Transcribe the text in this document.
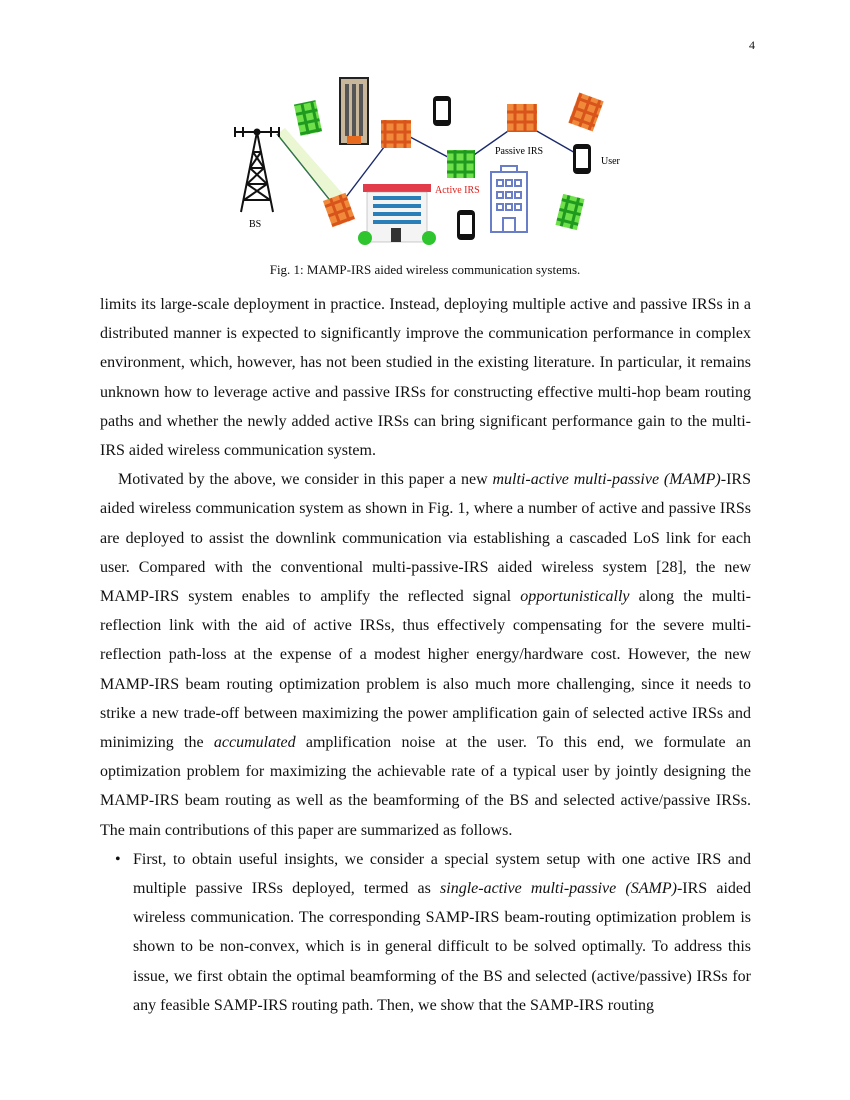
4
BS
Active IRS
Passive IRS
User
Fig. 1: MAMP-IRS aided wireless communication systems.

limits its large-scale deployment in practice. Instead, deploying multiple active and passive IRSs in a distributed manner is expected to significantly improve the communication performance in complex environment, which, however, has not been studied in the existing literature. In particular, it remains unknown how to leverage active and passive IRSs for constructing effective multi-hop beam routing paths and whether the newly added active IRSs can bring significant performance gain to the multi-IRS aided wireless communication system.

Motivated by the above, we consider in this paper a new multi-active multi-passive (MAMP)-IRS aided wireless communication system as shown in Fig. 1, where a number of active and passive IRSs are deployed to assist the downlink communication via establishing a cascaded LoS link for each user. Compared with the conventional multi-passive-IRS aided wireless system [28], the new MAMP-IRS system enables to amplify the reflected signal opportunistically along the multi-reflection link with the aid of active IRSs, thus effectively compensating for the severe multi-reflection path-loss at the expense of a modest higher energy/hardware cost. However, the new MAMP-IRS beam routing optimization problem is also much more challenging, since it needs to strike a new trade-off between maximizing the power amplification gain of selected active IRSs and minimizing the accumulated amplification noise at the user. To this end, we formulate an optimization problem for maximizing the achievable rate of a typical user by jointly designing the MAMP-IRS beam routing as well as the beamforming of the BS and selected active/passive IRSs. The main contributions of this paper are summarized as follows.

• First, to obtain useful insights, we consider a special system setup with one active IRS and multiple passive IRSs deployed, termed as single-active multi-passive (SAMP)-IRS aided wireless communication. The corresponding SAMP-IRS beam-routing optimization problem is shown to be non-convex, which is in general difficult to be solved optimally. To address this issue, we first obtain the optimal beamforming of the BS and selected (active/passive) IRSs for any feasible SAMP-IRS routing path. Then, we show that the SAMP-IRS routing
